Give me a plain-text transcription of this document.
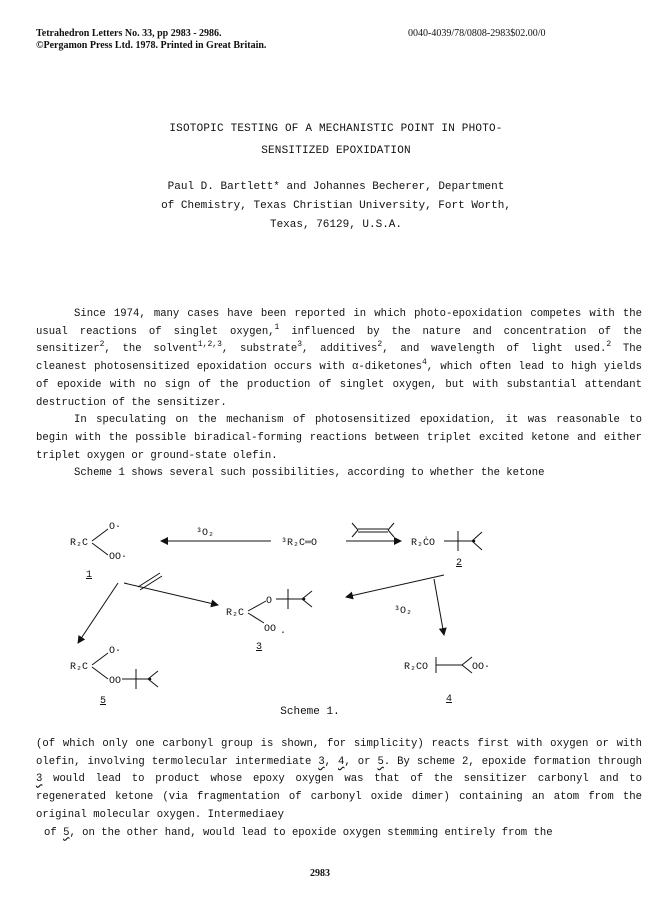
Tetrahedron Letters No. 33, pp 2983 - 2986.
©Pergamon Press Ltd. 1978. Printed in Great Britain.
0040-4039/78/0808-2983$02.00/0
ISOTOPIC TESTING OF A MECHANISTIC POINT IN PHOTO-
SENSITIZED EPOXIDATION
Paul D. Bartlett* and Johannes Becherer, Department
of Chemistry, Texas Christian University, Fort Worth,
Texas, 76129, U.S.A.

Since 1974, many cases have been reported in which photo-epoxidation competes with the usual reactions of singlet oxygen,$^1$ influenced by the nature and concentration of the sensitizer$^2$, the solvent$^{1,2,3}$, substrate$^3$, additives$^2$, and wavelength of light used.$^2$ The cleanest photosensitized epoxidation occurs with α-diketones$^4$, which often lead to high yields of epoxide with no sign of the production of singlet oxygen, but with substantial attendant destruction of the sensitizer.

In speculating on the mechanism of photosensitized epoxidation, it was reasonable to begin with the possible biradical-forming reactions between triplet excited ketone and either triplet oxygen or ground-state olefin.

Scheme 1 shows several such possibilities, according to whether the ketone

R₂C
O·
OO·
1
³O₂
³R₂C═O	R₂ĊO
2
R₂C
O
OO .
3
³O₂
R₂CO	OO·
4
R₂C
O·
OO
5
Scheme 1.

(of which only one carbonyl group is shown, for simplicity) reacts first with oxygen or with olefin, involving termolecular intermediate 3, 4, or 5. By scheme 2, epoxide formation through 3 would lead to product whose epoxy oxygen was that of the sensitizer carbonyl and to regenerated ketone (via fragmentation of carbonyl oxide dimer) containing an atom from the original molecular oxygen. Intermediaey

of 5, on the other hand, would lead to epoxide oxygen stemming entirely from the

2983
